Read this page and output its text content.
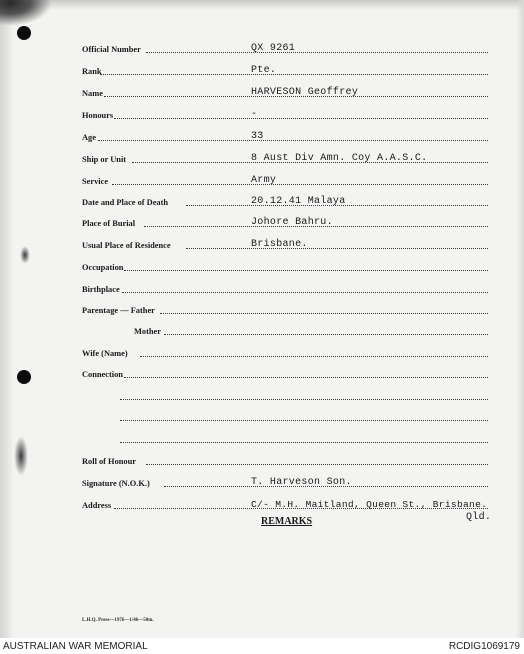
Official Number	QX 9261
Rank	Pte.
Name	HARVESON Geoffrey
Honours	-
Age	33
Ship or Unit	8 Aust Div Amn. Coy A.A.S.C.
Service	Army
Date and Place of Death	20.12.41 Malaya
Place of Burial	Johore Bahru.
Usual Place of Residence	Brisbane.
Occupation
Birthplace
Parentage — Father
Mother
Wife (Name)
Connection
Roll of Honour
Signature (N.O.K.)	T. Harveson Son.
Address	C/- M.H. Maitland, Queen St., Brisbane.
Qld.
REMARKS
L.H.Q. Press—1976—1/46—50m.
AUSTRALIAN WAR MEMORIAL	RCDIG1069179
